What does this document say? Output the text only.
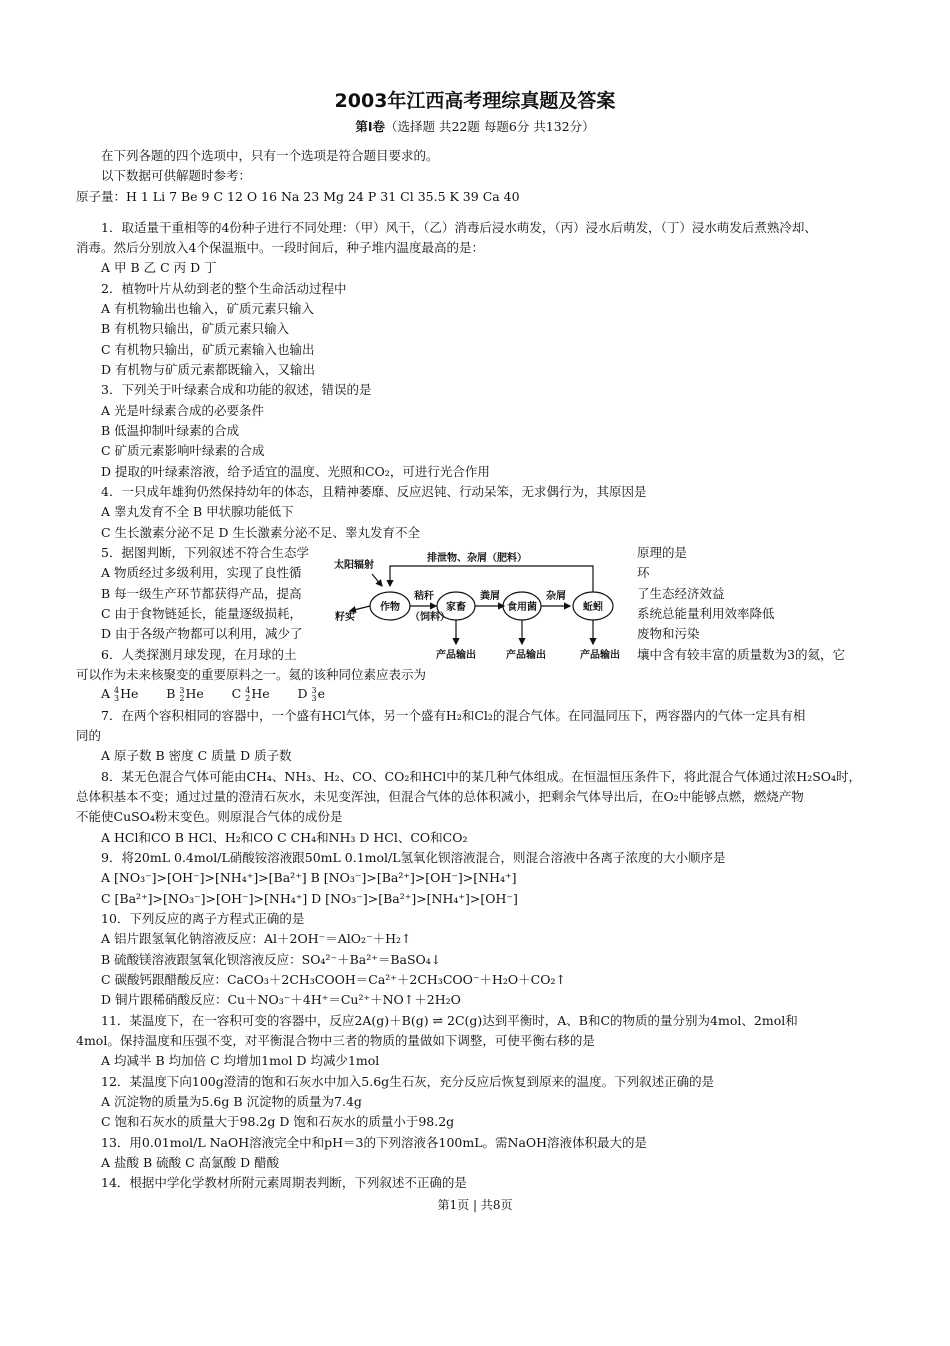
2003年江西高考理综真题及答案
第Ⅰ卷（选择题 共22题 每题6分 共132分）
在下列各题的四个选项中，只有一个选项是符合题目要求的。
以下数据可供解题时参考：
原子量：H 1 Li 7 Be 9 C 12 O 16 Na 23 Mg 24 P 31 Cl 35.5 K 39 Ca 40
1．取适量干重相等的4份种子进行不同处理：（甲）风干，（乙）消毒后浸水萌发，（丙）浸水后萌发，（丁）浸水萌发后煮熟冷却、
消毒。然后分别放入4个保温瓶中。一段时间后，种子堆内温度最高的是：
A 甲 B 乙 C 丙 D 丁
2．植物叶片从幼到老的整个生命活动过程中
A 有机物输出也输入，矿质元素只输入
B 有机物只输出，矿质元素只输入
C 有机物只输出，矿质元素输入也输出
D 有机物与矿质元素都既输入，又输出
3．下列关于叶绿素合成和功能的叙述，错误的是
A 光是叶绿素合成的必要条件
B 低温抑制叶绿素的合成
C 矿质元素影响叶绿素的合成
D 提取的叶绿素溶液，给予适宜的温度、光照和CO₂，可进行光合作用
4．一只成年雄狗仍然保持幼年的体态，且精神萎靡、反应迟钝、行动呆笨，无求偶行为，其原因是
A 睾丸发育不全 B 甲状腺功能低下
C 生长激素分泌不足 D 生长激素分泌不足、睾丸发育不全
5．据图判断，下列叙述不符合生态学	原理的是
A 物质经过多级利用，实现了良性循	环
B 每一级生产环节都获得产品，提高	了生态经济效益
C 由于食物链延长，能量逐级损耗，	系统总能量利用效率降低
D 由于各级产物都可以利用，减少了	废物和污染
6．人类探测月球发现，在月球的土	壤中含有较丰富的质量数为3的氦，它
可以作为未来核聚变的重要原料之一。氦的该种同位素应表示为
A 4
3 He B 3
2 He C 4
2 He D 3
3 e
7．在两个容积相同的容器中，一个盛有HCl气体，另一个盛有H₂和Cl₂的混合气体。在同温同压下，两容器内的气体一定具有相
同的
A 原子数 B 密度 C 质量 D 质子数
8．某无色混合气体可能由CH₄、NH₃、H₂、CO、CO₂和HCl中的某几种气体组成。在恒温恒压条件下，将此混合气体通过浓H₂SO₄时，
总体积基本不变；通过过量的澄清石灰水，未见变浑浊，但混合气体的总体积减小，把剩余气体导出后，在O₂中能够点燃，燃烧产物
不能使CuSO₄粉末变色。则原混合气体的成份是
A HCl和CO B HCl、H₂和CO C CH₄和NH₃ D HCl、CO和CO₂
9．将20mL 0.4mol/L硝酸铵溶液跟50mL 0.1mol/L氢氧化钡溶液混合，则混合溶液中各离子浓度的大小顺序是
A [NO₃⁻]>[OH⁻]>[NH₄⁺]>[Ba²⁺] B [NO₃⁻]>[Ba²⁺]>[OH⁻]>[NH₄⁺]
C [Ba²⁺]>[NO₃⁻]>[OH⁻]>[NH₄⁺] D [NO₃⁻]>[Ba²⁺]>[NH₄⁺]>[OH⁻]
10．下列反应的离子方程式正确的是
A 铝片跟氢氧化钠溶液反应：Al＋2OH⁻＝AlO₂⁻＋H₂↑
B 硫酸镁溶液跟氢氧化钡溶液反应：SO₄²⁻＋Ba²⁺＝BaSO₄↓
C 碳酸钙跟醋酸反应：CaCO₃＋2CH₃COOH＝Ca²⁺＋2CH₃COO⁻＋H₂O＋CO₂↑
D 铜片跟稀硝酸反应：Cu＋NO₃⁻＋4H⁺＝Cu²⁺＋NO↑＋2H₂O
11．某温度下，在一容积可变的容器中，反应2A(g)＋B(g) ⇌ 2C(g)达到平衡时，A、B和C的物质的量分别为4mol、2mol和
4mol。保持温度和压强不变，对平衡混合物中三者的物质的量做如下调整，可使平衡右移的是
A 均减半 B 均加倍 C 均增加1mol D 均减少1mol
12．某温度下向100g澄清的饱和石灰水中加入5.6g生石灰，充分反应后恢复到原来的温度。下列叙述正确的是
A 沉淀物的质量为5.6g B 沉淀物的质量为7.4g
C 饱和石灰水的质量大于98.2g D 饱和石灰水的质量小于98.2g
13．用0.01mol/L NaOH溶液完全中和pH＝3的下列溶液各100mL。需NaOH溶液体积最大的是
A 盐酸 B 硫酸 C 高氯酸 D 醋酸
14．根据中学化学教材所附元素周期表判断，下列叙述不正确的是
太阳辐射
排泄物、杂屑（肥料）
作物	家畜	食用菌	蚯蚓
籽实
秸秆
（饲料）
粪屑	杂屑
产品输出	产品输出	产品输出
第1页 | 共8页
